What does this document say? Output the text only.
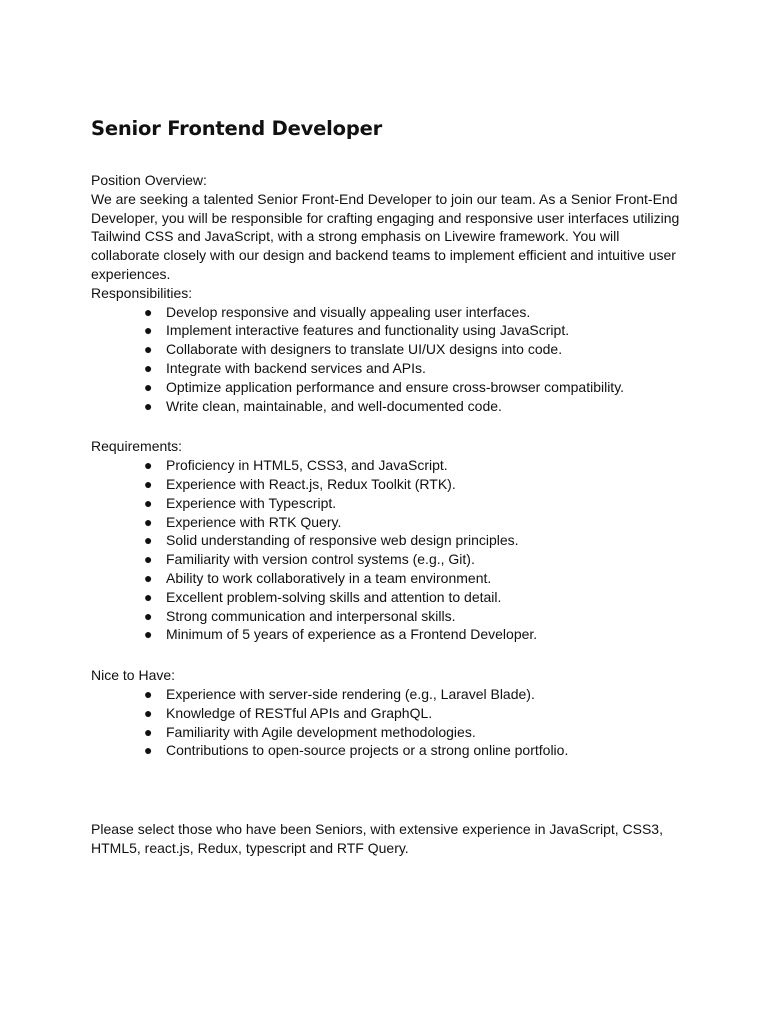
Senior Frontend Developer

Position Overview:

We are seeking a talented Senior Front-End Developer to join our team. As a Senior Front-End Developer, you will be responsible for crafting engaging and responsive user interfaces utilizing Tailwind CSS and JavaScript, with a strong emphasis on Livewire framework. You will collaborate closely with our design and backend teams to implement efficient and intuitive user experiences.

Responsibilities:

● Develop responsive and visually appealing user interfaces.
● Implement interactive features and functionality using JavaScript.
● Collaborate with designers to translate UI/UX designs into code.
● Integrate with backend services and APIs.
● Optimize application performance and ensure cross-browser compatibility.
● Write clean, maintainable, and well-documented code.

Requirements:

● Proficiency in HTML5, CSS3, and JavaScript.
● Experience with React.js, Redux Toolkit (RTK).
● Experience with Typescript.
● Experience with RTK Query.
● Solid understanding of responsive web design principles.
● Familiarity with version control systems (e.g., Git).
● Ability to work collaboratively in a team environment.
● Excellent problem-solving skills and attention to detail.
● Strong communication and interpersonal skills.
● Minimum of 5 years of experience as a Frontend Developer.

Nice to Have:

● Experience with server-side rendering (e.g., Laravel Blade).
● Knowledge of RESTful APIs and GraphQL.
● Familiarity with Agile development methodologies.
● Contributions to open-source projects or a strong online portfolio.

Please select those who have been Seniors, with extensive experience in JavaScript, CSS3, HTML5, react.js, Redux, typescript and RTF Query.
